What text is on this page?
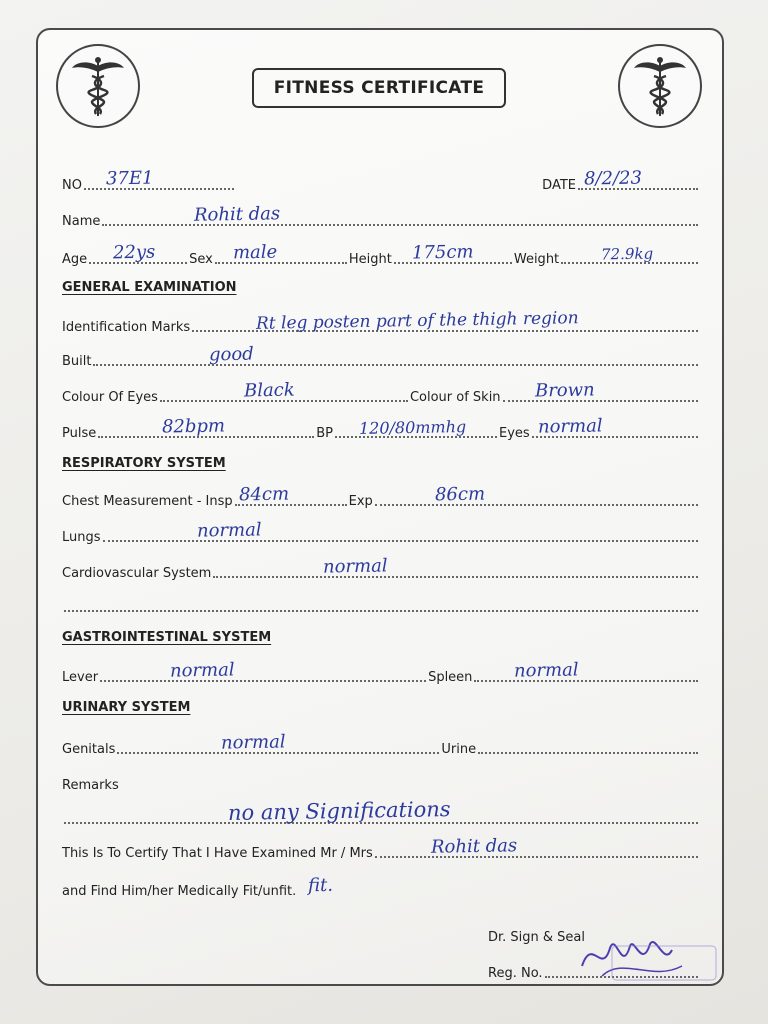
FITNESS CERTIFICATE
NO 37E1	DATE 8/2/23
Name	Rohit das
Age 22ys	Sex male	Height 175cm	Weight	72.9kg
GENERAL EXAMINATION
Identification Marks	Rt leg posten part of the thigh region
Built	good
Colour Of Eyes	Black	Colour of Skin Brown
Pulse	82bpm	BP 120/80mmhg	Eyes normal
RESPIRATORY SYSTEM
Chest Measurement - Insp 84cm	Exp	86cm
Lungs	normal
Cardiovascular System	normal
GASTROINTESTINAL SYSTEM
Lever	normal	Spleen normal
URINARY SYSTEM
Genitals	normal	Urine
Remarks
no any Significations
This Is To Certify That I Have Examined Mr / Mrs	Rohit das
and Find Him/her Medically Fit/unfit. fit.
Dr. Sign & Seal
Reg. No.
